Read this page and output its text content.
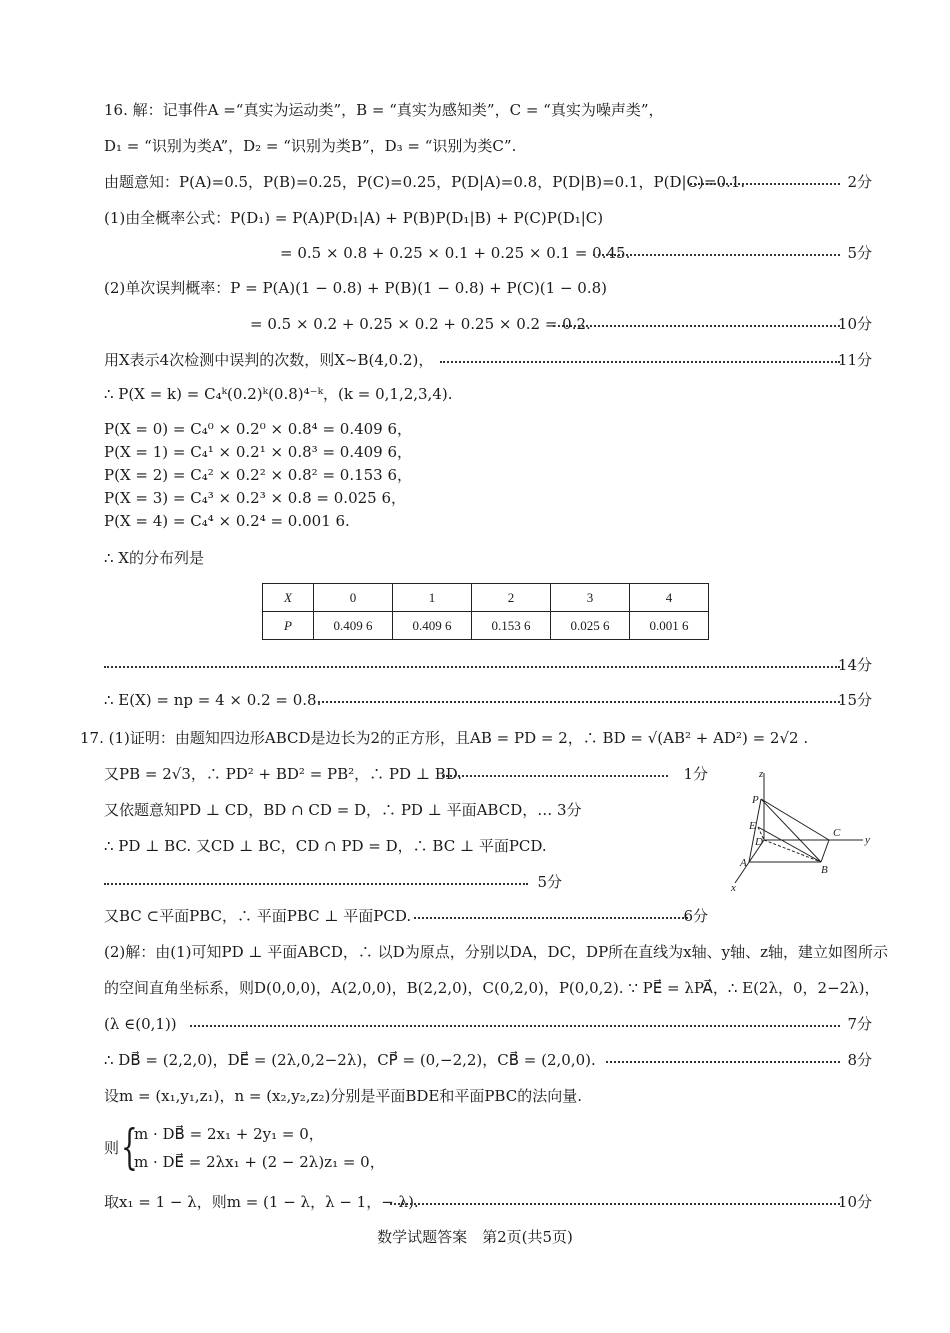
16. 解：记事件A =“真实为运动类”，B = “真实为感知类”，C = “真实为噪声类”，
D₁ = “识别为类A”，D₂ = “识别为类B”，D₃ = “识别为类C”.
由题意知：P(A)=0.5，P(B)=0.25，P(C)=0.25，P(D|A)=0.8，P(D|B)=0.1，P(D|C)=0.1.	2分
(1)由全概率公式：P(D₁) = P(A)P(D₁|A) + P(B)P(D₁|B) + P(C)P(D₁|C)
= 0.5 × 0.8 + 0.25 × 0.1 + 0.25 × 0.1 = 0.45.	5分
(2)单次误判概率：P = P(A)(1 − 0.8) + P(B)(1 − 0.8) + P(C)(1 − 0.8)
= 0.5 × 0.2 + 0.25 × 0.2 + 0.25 × 0.2 = 0.2.	10分
用X表示4次检测中误判的次数，则X~B(4,0.2)，	11分
∴ P(X = k) = C₄ᵏ(0.2)ᵏ(0.8)⁴⁻ᵏ，(k = 0,1,2,3,4).
P(X = 0) = C₄⁰ × 0.2⁰ × 0.8⁴ = 0.409 6，
P(X = 1) = C₄¹ × 0.2¹ × 0.8³ = 0.409 6，
P(X = 2) = C₄² × 0.2² × 0.8² = 0.153 6，
P(X = 3) = C₄³ × 0.2³ × 0.8 = 0.025 6，
P(X = 4) = C₄⁴ × 0.2⁴ = 0.001 6.
∴ X的分布列是
X	0	1	2	3	4
P	0.409 6	0.409 6	0.153 6	0.025 6	0.001 6
14分
∴ E(X) = np = 4 × 0.2 = 0.8.	15分
17. (1)证明：由题知四边形ABCD是边长为2的正方形，且AB = PD = 2，∴ BD = √(AB² + AD²) = 2√2 .
又PB = 2√3，∴ PD² + BD² = PB²，∴ PD ⊥ BD.	1分
又依题意知PD ⊥ CD，BD ∩ CD = D，∴ PD ⊥ 平面ABCD，… 3分
∴ PD ⊥ BC. 又CD ⊥ BC，CD ∩ PD = D，∴ BC ⊥ 平面PCD.
5分
又BC ⊂平面PBC，∴ 平面PBC ⊥ 平面PCD.	6分
z
y
x
P
E
D
C
A
B
(2)解：由(1)可知PD ⊥ 平面ABCD，∴ 以D为原点，分别以DA，DC，DP所在直线为x轴、y轴、z轴，建立如图所示
的空间直角坐标系，则D(0,0,0)，A(2,0,0)，B(2,2,0)，C(0,2,0)，P(0,0,2). ∵ PE⃗ = λPA⃗，∴ E(2λ，0，2−2λ)，
(λ ∈(0,1))	7分
∴ DB⃗ = (2,2,0)，DE⃗ = (2λ,0,2−2λ)，CP⃗ = (0,−2,2)，CB⃗ = (2,0,0).	8分
设m = (x₁,y₁,z₁)，n = (x₂,y₂,z₂)分别是平面BDE和平面PBC的法向量.
则 {
m · DB⃗ = 2x₁ + 2y₁ = 0，
m · DE⃗ = 2λx₁ + (2 − 2λ)z₁ = 0，
取x₁ = 1 − λ，则m = (1 − λ，λ − 1，− λ).	10分
数学试题答案　第2页(共5页)
